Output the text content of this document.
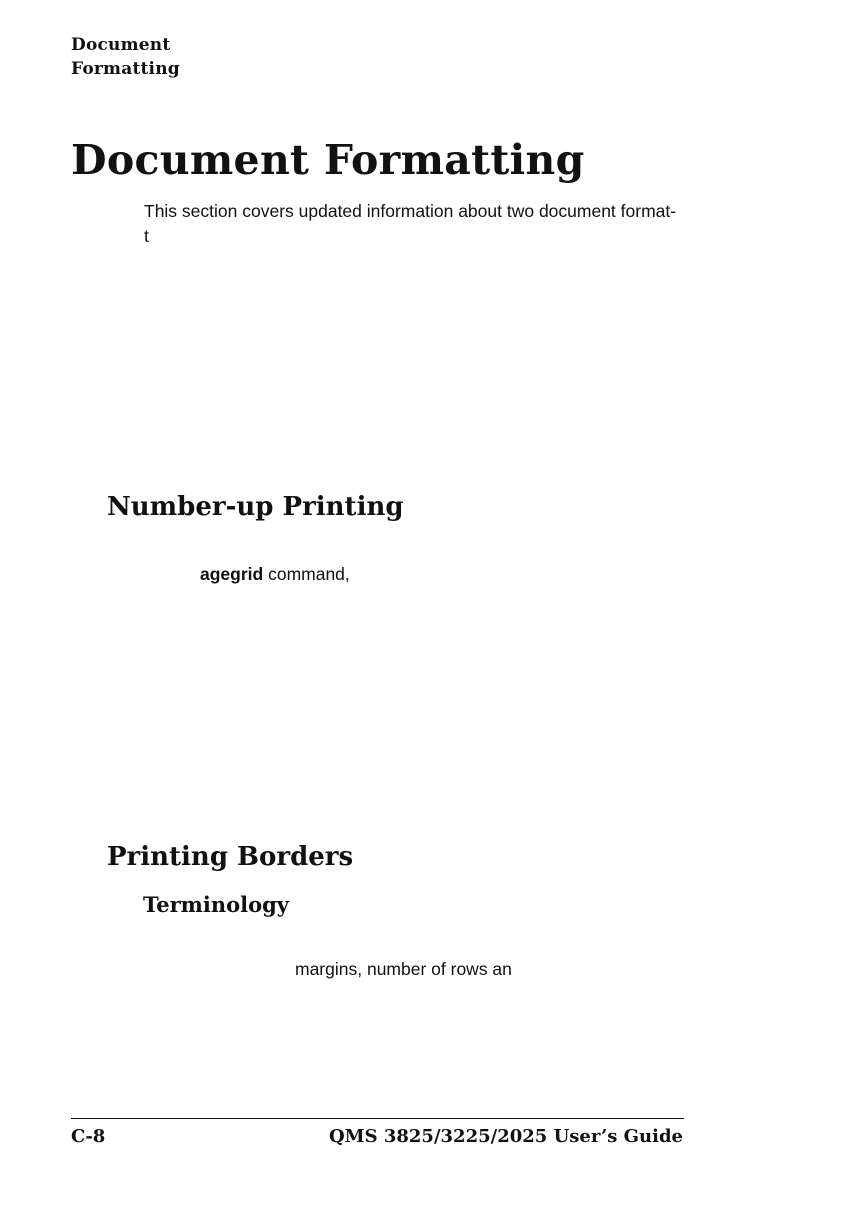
Document
Formatting
Document Formatting
This section covers updated information about two document format-
t
Number-up Printing

agegrid command,

Printing Borders
Terminology

margins, number of rows an

C-8	QMS 3825/3225/2025 User’s Guide
